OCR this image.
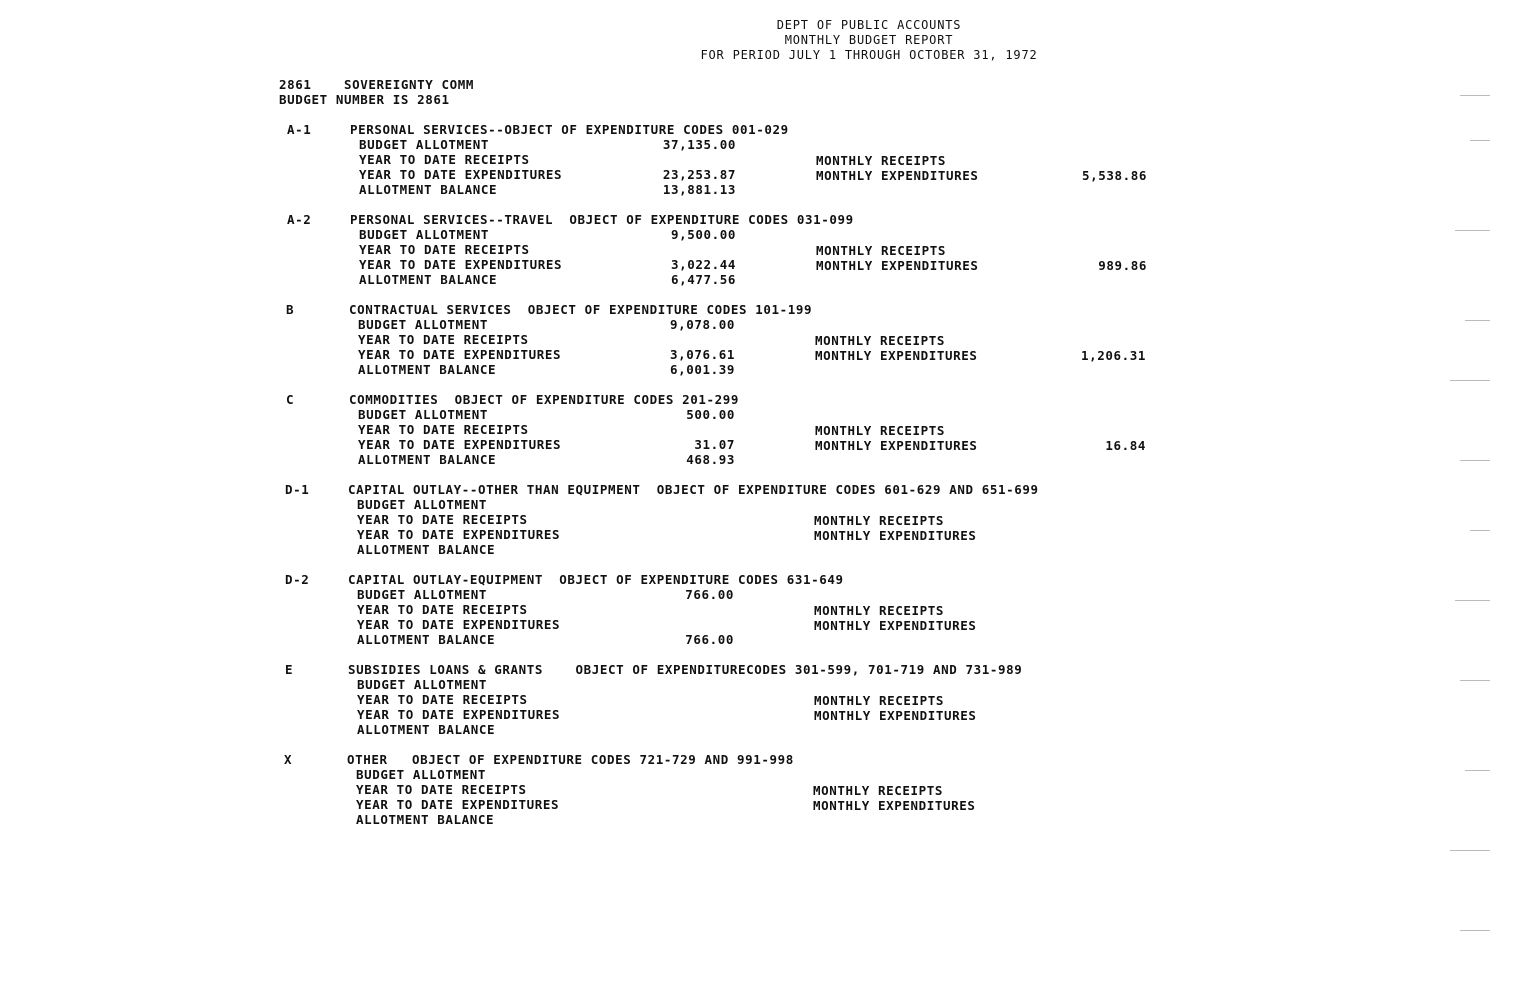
DEPT OF PUBLIC ACCOUNTS
MONTHLY BUDGET REPORT
FOR PERIOD JULY 1 THROUGH OCTOBER 31, 1972
2861    SOVEREIGNTY COMM
BUDGET NUMBER IS 2861
A-1	PERSONAL SERVICES--OBJECT OF EXPENDITURE CODES 001-029
BUDGET ALLOTMENT	37,135.00
YEAR TO DATE RECEIPTS	MONTHLY RECEIPTS
YEAR TO DATE EXPENDITURES	23,253.87	MONTHLY EXPENDITURES	5,538.86
ALLOTMENT BALANCE	13,881.13
A-2	PERSONAL SERVICES--TRAVEL  OBJECT OF EXPENDITURE CODES 031-099
BUDGET ALLOTMENT	9,500.00
YEAR TO DATE RECEIPTS	MONTHLY RECEIPTS
YEAR TO DATE EXPENDITURES	3,022.44	MONTHLY EXPENDITURES	989.86
ALLOTMENT BALANCE	6,477.56
B	CONTRACTUAL SERVICES  OBJECT OF EXPENDITURE CODES 101-199
BUDGET ALLOTMENT	9,078.00
YEAR TO DATE RECEIPTS	MONTHLY RECEIPTS
YEAR TO DATE EXPENDITURES	3,076.61	MONTHLY EXPENDITURES	1,206.31
ALLOTMENT BALANCE	6,001.39
C	COMMODITIES  OBJECT OF EXPENDITURE CODES 201-299
BUDGET ALLOTMENT	500.00
YEAR TO DATE RECEIPTS	MONTHLY RECEIPTS
YEAR TO DATE EXPENDITURES	31.07	MONTHLY EXPENDITURES	16.84
ALLOTMENT BALANCE	468.93
D-1	CAPITAL OUTLAY--OTHER THAN EQUIPMENT  OBJECT OF EXPENDITURE CODES 601-629 AND 651-699
BUDGET ALLOTMENT
YEAR TO DATE RECEIPTS	MONTHLY RECEIPTS
YEAR TO DATE EXPENDITURES	MONTHLY EXPENDITURES
ALLOTMENT BALANCE
D-2	CAPITAL OUTLAY-EQUIPMENT  OBJECT OF EXPENDITURE CODES 631-649
BUDGET ALLOTMENT	766.00
YEAR TO DATE RECEIPTS	MONTHLY RECEIPTS
YEAR TO DATE EXPENDITURES	MONTHLY EXPENDITURES
ALLOTMENT BALANCE	766.00
E	SUBSIDIES LOANS & GRANTS    OBJECT OF EXPENDITURECODES 301-599, 701-719 AND 731-989
BUDGET ALLOTMENT
YEAR TO DATE RECEIPTS	MONTHLY RECEIPTS
YEAR TO DATE EXPENDITURES	MONTHLY EXPENDITURES
ALLOTMENT BALANCE
X	OTHER   OBJECT OF EXPENDITURE CODES 721-729 AND 991-998
BUDGET ALLOTMENT
YEAR TO DATE RECEIPTS	MONTHLY RECEIPTS
YEAR TO DATE EXPENDITURES	MONTHLY EXPENDITURES
ALLOTMENT BALANCE
